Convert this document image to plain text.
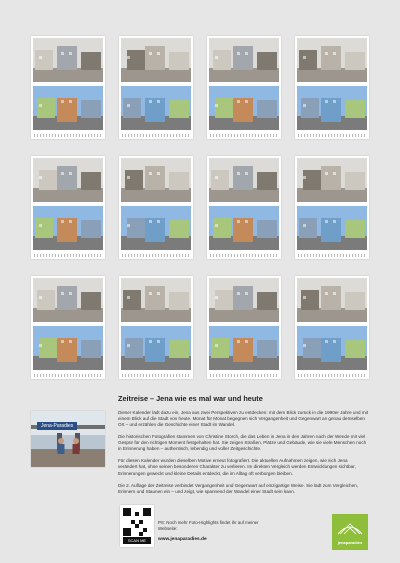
Jena-Paradies
Zeitreise – Jena wie es mal war und heute

Dieser Kalender lädt dazu ein, Jena aus zwei Perspektiven zu entdecken: mit dem Blick zurück in die 1990er Jahre und mit einem Blick auf die Stadt von heute. Monat für Monat begegnen sich Vergangenheit und Gegenwart an genau demselben Ort – und erzählen die Geschichte einer Stadt im Wandel.

Die historischen Fotografien stammen von Christine Storch, die das Leben in Jena in den Jahren nach der Wende mit viel Gespür für den richtigen Moment festgehalten hat. Sie zeigen Straßen, Plätze und Gebäude, wie sie viele Menschen noch in Erinnerung haben – authentisch, lebendig und voller Zeitgeschichte.

Für diesen Kalender wurden dieselben Motive erneut fotografiert. Die aktuellen Aufnahmen zeigen, wie sich Jena verändert hat, ohne seinen besonderen Charakter zu verlieren. Im direkten Vergleich werden Entwicklungen sichtbar, Erinnerungen geweckt und kleine Details entdeckt, die im Alltag oft verborgen bleiben.

Die 2. Auflage der Zeitreise verbindet Vergangenheit und Gegenwart auf einzigartige Weise. Sie lädt zum Vergleichen, Erinnern und Staunen ein – und zeigt, wie spannend der Wandel einer Stadt sein kann.

SCAN ME
PS: Noch mehr Foto-Highlights findet ihr auf meiner Webseite:
www.jenaparadies.de
jenaparadies
